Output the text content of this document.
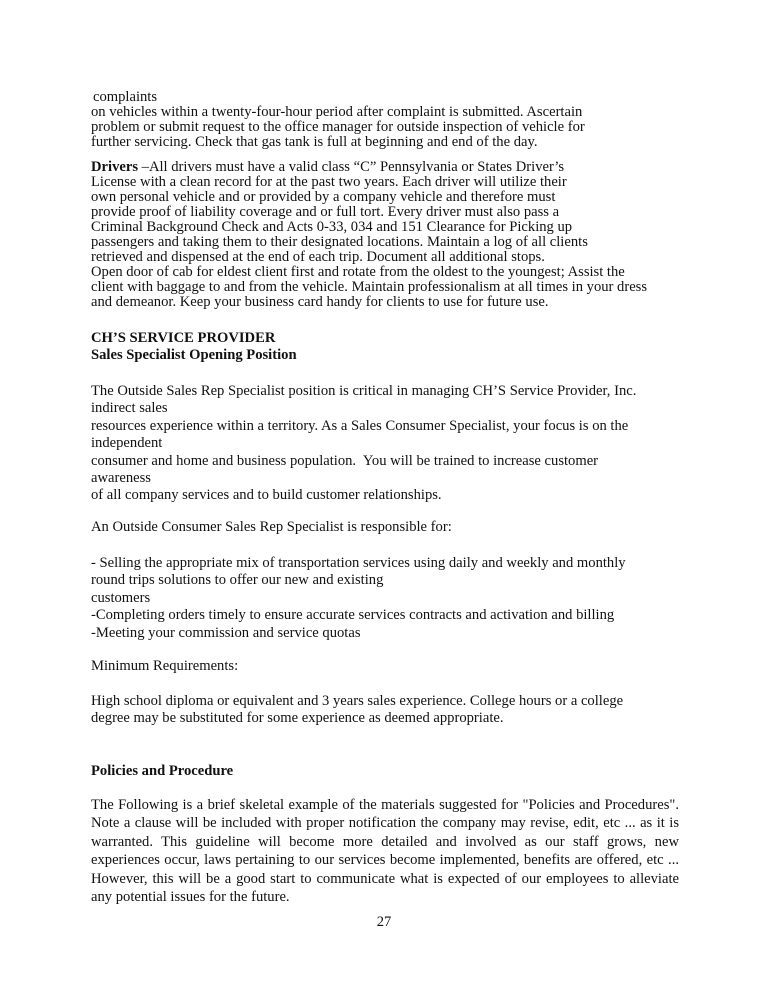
complaints
on vehicles within a twenty-four-hour period after complaint is submitted. Ascertain
problem or submit request to the office manager for outside inspection of vehicle for
further servicing. Check that gas tank is full at beginning and end of the day.
Drivers –All drivers must have a valid class “C” Pennsylvania or States Driver’s
License with a clean record for at the past two years. Each driver will utilize their
own personal vehicle and or provided by a company vehicle and therefore must
provide proof of liability coverage and or full tort. Every driver must also pass a
Criminal Background Check and Acts 0-33, 034 and 151 Clearance for Picking up
passengers and taking them to their designated locations. Maintain a log of all clients
retrieved and dispensed at the end of each trip. Document all additional stops.
Open door of cab for eldest client first and rotate from the oldest to the youngest; Assist the
client with baggage to and from the vehicle. Maintain professionalism at all times in your dress
and demeanor. Keep your business card handy for clients to use for future use.
CH’S SERVICE PROVIDER
Sales Specialist Opening Position
The Outside Sales Rep Specialist position is critical in managing CH’S Service Provider, Inc.
indirect sales
resources experience within a territory. As a Sales Consumer Specialist, your focus is on the
independent
consumer and home and business population.  You will be trained to increase customer
awareness
of all company services and to build customer relationships.
An Outside Consumer Sales Rep Specialist is responsible for:
- Selling the appropriate mix of transportation services using daily and weekly and monthly
round trips solutions to offer our new and existing
customers
-Completing orders timely to ensure accurate services contracts and activation and billing
-Meeting your commission and service quotas
Minimum Requirements:
High school diploma or equivalent and 3 years sales experience. College hours or a college
degree may be substituted for some experience as deemed appropriate.
Policies and Procedure

The Following is a brief skeletal example of the materials suggested for "Policies and Procedures". Note a clause will be included with proper notification the company may revise, edit, etc ... as it is warranted. This guideline will become more detailed and involved as our staff grows, new experiences occur, laws pertaining to our services become implemented, benefits are offered, etc ... However, this will be a good start to communicate what is expected of our employees to alleviate any potential issues for the future.

27
